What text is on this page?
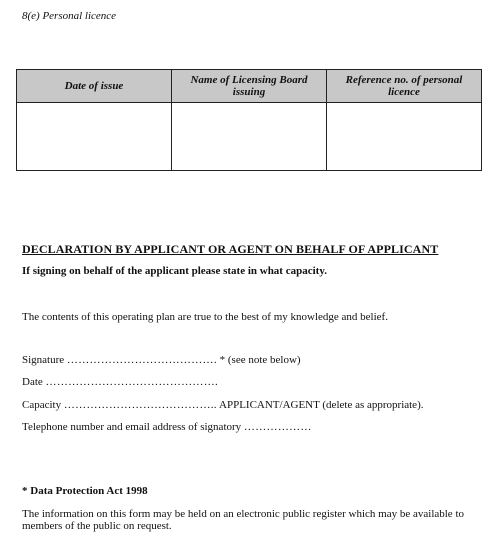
8(e) Personal licence
Date of issue	Name of Licensing Board issuing	Reference no. of personal licence

DECLARATION BY APPLICANT OR AGENT ON BEHALF OF APPLICANT
If signing on behalf of the applicant please state in what capacity.
The contents of this operating plan are true to the best of my knowledge and belief.
Signature …………………………………. * (see note below)
Date ……………………………………….
Capacity ………………………………….. APPLICANT/AGENT (delete as appropriate).
Telephone number and email address of signatory ………………
* Data Protection Act 1998
The information on this form may be held on an electronic public register which may be available to members of the public on request.
